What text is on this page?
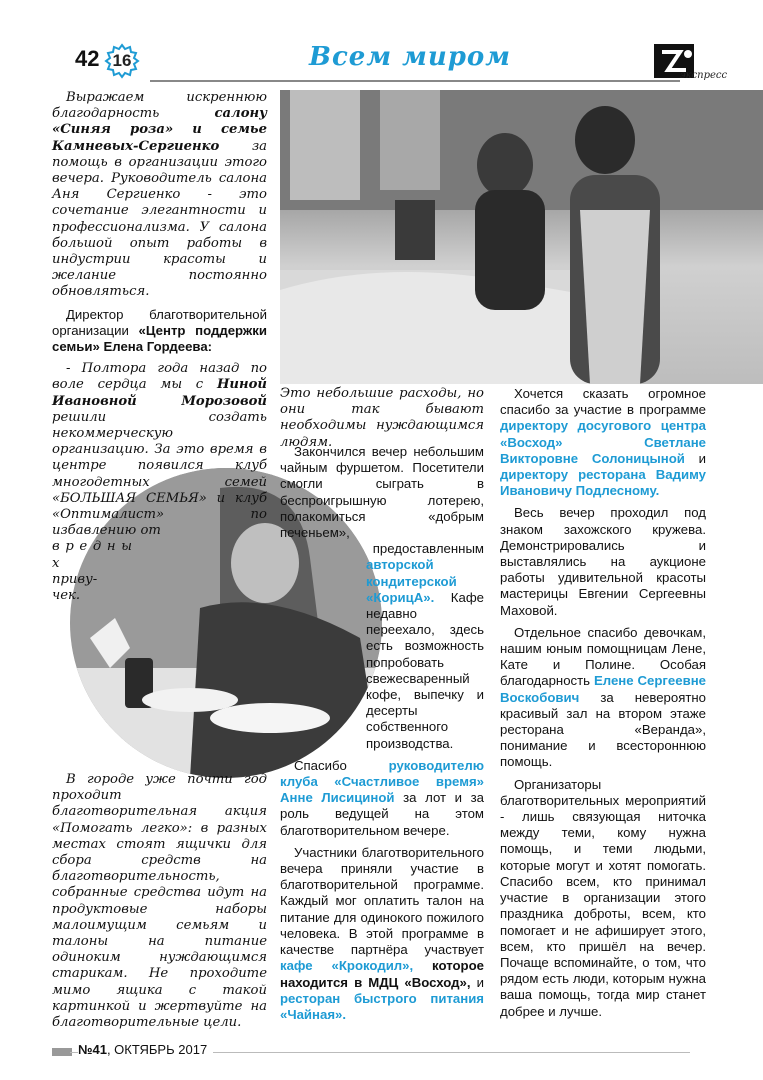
42 16	Всем миром
экспресс

Выражаем искреннюю благодарность салону «Синяя роза» и семье Камневых-Сергиенко за помощь в организации этого вечера. Руководитель салона Аня Сергиенко - это сочетание элегантности и профессионализма. У салона большой опыт работы в индустрии красоты и желание постоянно обновляться.

Директор благотворительной организации «Центр поддержки семьи» Елена Гордеева:

- Полтора года назад по воле сердца мы с Ниной Ивановной Морозовой решили создать некоммерческую организацию. За это время в центре появился клуб многодетных семей «БОЛЬШАЯ СЕМЬЯ» и клуб «Оптималист» по избавлению от

в р е д н ы х
приву-
чек.

В городе уже почти год проходит благотворительная акция «Помогать легко»: в разных местах стоят ящички для сбора средств на благотворительность, собранные средства идут на продуктовые наборы малоимущим семьям и талоны на питание одиноким нуждающимся старикам. Не проходите мимо ящика с такой картинкой и жертвуйте на благотворительные цели.

Это небольшие расходы, но они так бывают необходимы нуждающимся людям.

Закончился вечер небольшим чайным фуршетом. Посетители смогли сыграть в беспроигрышную лотерею, полакомиться «добрым печеньем»,

предоставленным
авторской кондитерской «КорицА». Кафе недавно переехало, здесь есть возможность попробовать свежесваренный кофе, выпечку и десерты собственного производства.

Спасибо руководителю клуба «Счастливое время» Анне Лисициной за лот и за роль ведущей на этом благотворительном вечере.

Участники благотворительного вечера приняли участие в благотворительной программе. Каждый мог оплатить талон на питание для одинокого пожилого человека. В этой программе в качестве партнёра участвует кафе «Крокодил», которое находится в МДЦ «Восход», и ресторан быстрого питания «Чайная».

Хочется сказать огромное спасибо за участие в программе директору досугового центра «Восход» Светлане Викторовне Солоницыной и директору ресторана Вадиму Ивановичу Подлесному.

Весь вечер проходил под знаком захожского кружева. Демонстрировались и выставлялись на аукционе работы удивительной красоты мастерицы Евгении Сергеевны Маховой.

Отдельное спасибо девочкам, нашим юным помощницам Лене, Кате и Полине. Особая благодарность Елене Сергеевне Воскобович за невероятно красивый зал на втором этаже ресторана «Веранда», понимание и всестороннюю помощь.

Организаторы благотворительных мероприятий - лишь связующая ниточка между теми, кому нужна помощь, и теми людьми, которые могут и хотят помогать. Спасибо всем, кто принимал участие в организации этого праздника доброты, всем, кто помогает и не афиширует этого, всем, кто пришёл на вечер. Почаще вспоминайте, о том, что рядом есть люди, которым нужна ваша помощь, тогда мир станет добрее и лучше.

№41, ОКТЯБРЬ 2017
